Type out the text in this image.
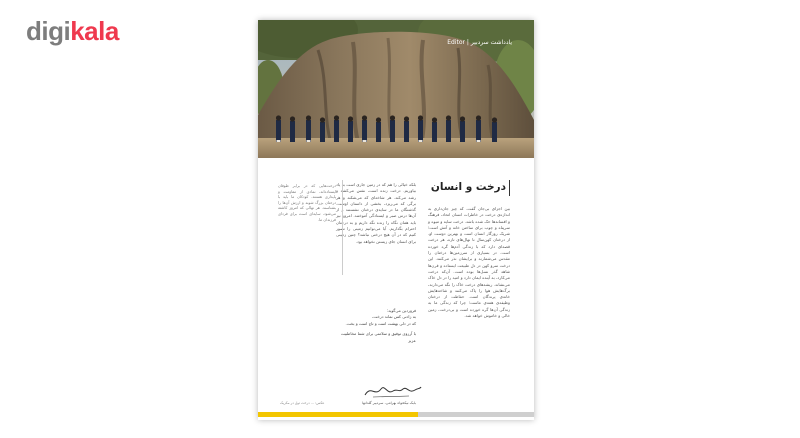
digikala	یادداشت سردبیر | Editor
درخت و انسان
بین اجزای بی‌جان گفت، که چیز جان‌داری به اندازه‌ی درخت در خاطرات انسان اتحاد، فرهنگ و افسانه‌ها حک شده باشد. درخت سایه و میوه و سرپناه و چوب برای ساختن خانه و آتش است؛ شریک روزگار انسان است و بهترین دوست او. از درختان کهن‌سال تا نهال‌های تازه، هر درخت قصه‌ای دارد که با زندگی آدم‌ها گره خورده است. در بسیاری از سرزمین‌ها درختان را مقدس می‌شمارند و برایشان نذر می‌کنند. این درخت سرو کهن در دل طبیعت ایستاده و قرن‌ها شاهد گذر نسل‌ها بوده است. آن‌که درخت می‌کارد، به آینده ایمان دارد و امید را در دل خاک می‌نشاند. ریشه‌های درخت خاک را نگه می‌دارند، برگ‌هایش هوا را پاک می‌کنند و شاخه‌هایش خانه‌ی پرندگان است. حفاظت از درختان وظیفه‌ی همه‌ی ماست؛ چرا که زندگی ما به زندگی آن‌ها گره خورده است و بی‌درخت، زمین خالی و خاموش خواهد شد.
بلکه خیالی را هم که در زمین جاری است به یاد بیاوریم. درخت زنده است، نفس می‌کشد و رشد می‌کند. هر شاخه‌ای که می‌شکند و هر برگی که می‌ریزد، بخشی از داستان اوست. گذشتگان ما در سایه‌ی درختان نشستند و از آن‌ها درس صبر و ایستادگی آموختند. امروز نیز باید همان نگاه را زنده نگه داریم و به درختان احترام بگذاریم. آیا می‌توانیم زمینی را تصور کنیم که در آن هیچ درختی نباشد؟ چنین زمینی برای انسان جای زیستن نخواهد بود.
درخت‌هایی که در برابر طوفان ایستاده‌اند، نمادی از مقاومت و پایداری هستند. کودکان ما باید با درختان بزرگ شوند و ارزش آن‌ها را بشناسند. هر نهالی که امروز کاشته می‌شود، سایه‌ای است برای فردای فرزندان ما.
فروردین می‌گوید:
به زادنی کس نماند درخت،
که در دلی بهشت است و تاج است و بخت.
با آرزوی توفیق و سلامتی برای شما مخاطبیت عزیز
بابک نیکخواه بهرامی، سردبیر گلدانها
عکس: ... درخت تولِ در مکزیک
